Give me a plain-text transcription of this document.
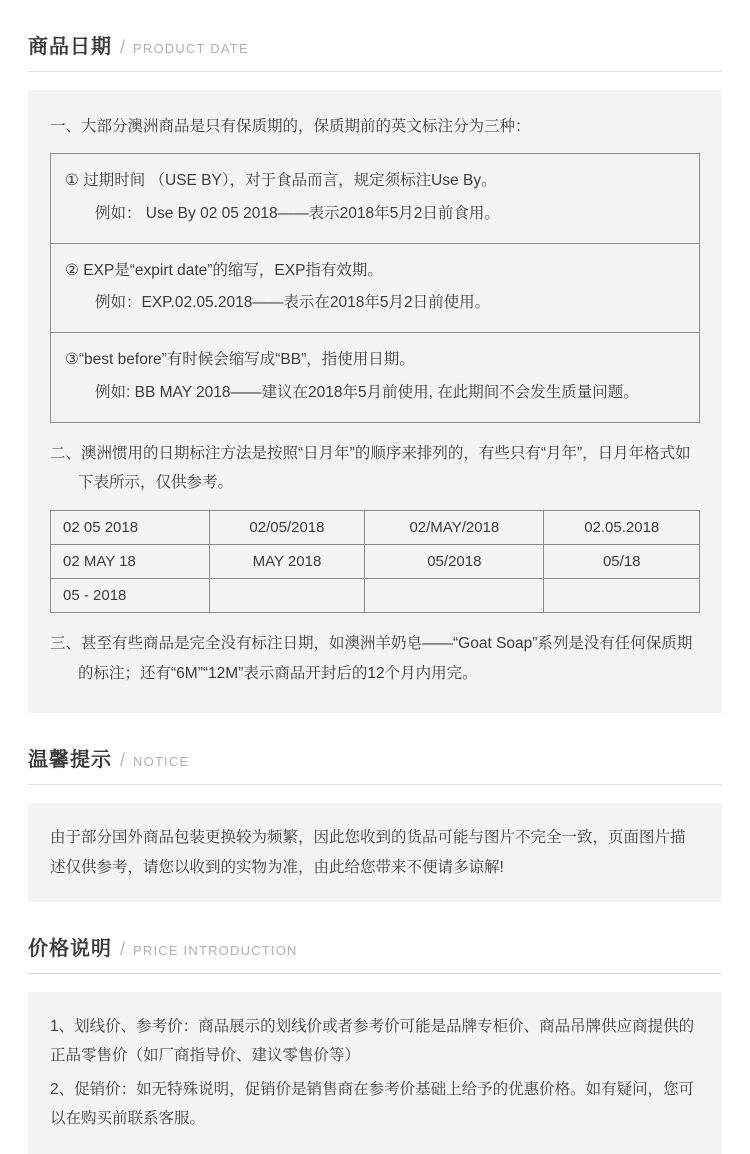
商品日期 / PRODUCT DATE

一、大部分澳洲商品是只有保质期的，保质期前的英文标注分为三种：

① 过期时间 （USE BY），对于食品而言，规定须标注Use By。
例如： Use By 02 05 2018——表示2018年5月2日前食用。
② EXP是“expirt date”的缩写，EXP指有效期。
例如：EXP.02.05.2018——表示在2018年5月2日前使用。
③“best before”有时候会缩写成“BB”，指使用日期。
例如: BB MAY 2018——建议在2018年5月前使用, 在此期间不会发生质量问题。

二、澳洲惯用的日期标注方法是按照“日月年”的顺序来排列的，有些只有“月年”，日月年格式如下表所示，仅供参考。

02 05 2018	02/05/2018	02/MAY/2018	02.05.2018
02 MAY 18	MAY 2018	05/2018	05/18
05 - 2018			

三、甚至有些商品是完全没有标注日期，如澳洲羊奶皂——“Goat Soap”系列是没有任何保质期的标注；还有“6M”“12M”表示商品开封后的12个月内用完。

温馨提示 / NOTICE

由于部分国外商品包装更换较为频繁，因此您收到的货品可能与图片不完全一致，页面图片描述仅供参考，请您以收到的实物为准，由此给您带来不便请多谅解!

价格说明 / PRICE INTRODUCTION

1、划线价、参考价：商品展示的划线价或者参考价可能是品牌专柜价、商品吊牌供应商提供的正品零售价（如厂商指导价、建议零售价等）

2、促销价：如无特殊说明，促销价是销售商在参考价基础上给予的优惠价格。如有疑问，您可以在购买前联系客服。
